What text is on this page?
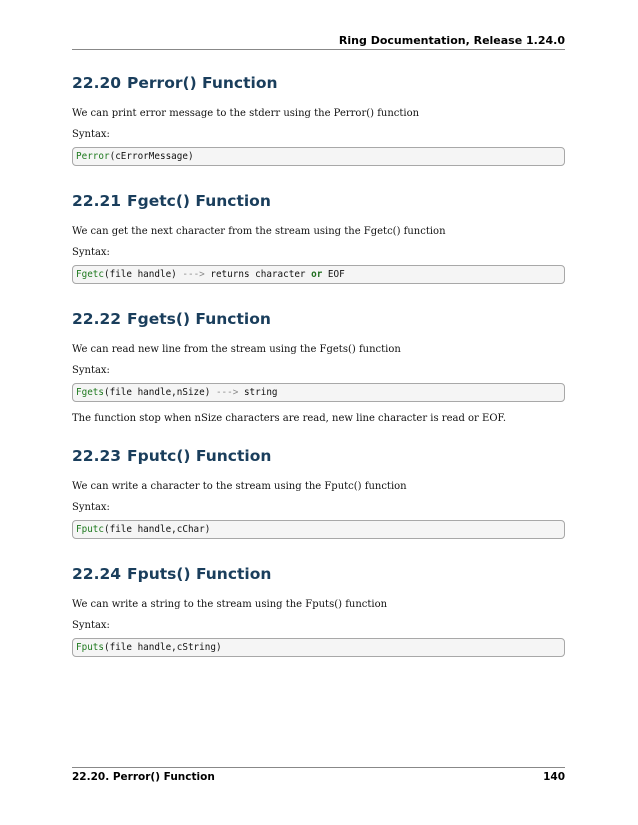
Ring Documentation, Release 1.24.0
22.20 Perror() Function

We can print error message to the stderr using the Perror() function

Syntax:

Perror(cErrorMessage)
22.21 Fgetc() Function

We can get the next character from the stream using the Fgetc() function

Syntax:

Fgetc(file handle) ---> returns character or EOF
22.22 Fgets() Function

We can read new line from the stream using the Fgets() function

Syntax:

Fgets(file handle,nSize) ---> string

The function stop when nSize characters are read, new line character is read or EOF.

22.23 Fputc() Function

We can write a character to the stream using the Fputc() function

Syntax:

Fputc(file handle,cChar)
22.24 Fputs() Function

We can write a string to the stream using the Fputs() function

Syntax:

Fputs(file handle,cString)
22.20. Perror() Function	140
